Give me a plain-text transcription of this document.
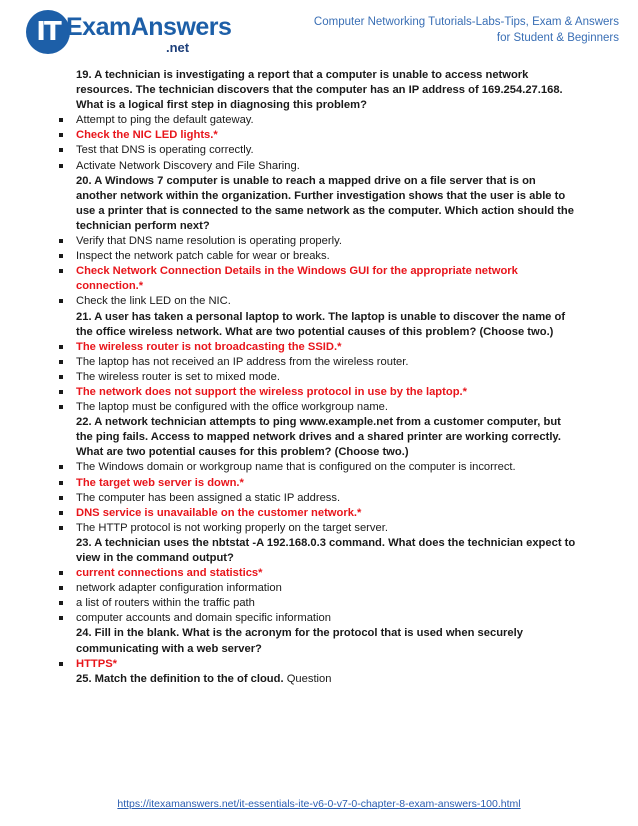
IT ExamAnswers
.net
Computer Networking Tutorials-Labs-Tips, Exam & Answers
for Student & Beginners
19. A technician is investigating a report that a computer is unable to access network resources. The technician discovers that the computer has an IP address of 169.254.27.168. What is a logical first step in diagnosing this problem?
Attempt to ping the default gateway.
Check the NIC LED lights.*
Test that DNS is operating correctly.
Activate Network Discovery and File Sharing.
20. A Windows 7 computer is unable to reach a mapped drive on a file server that is on another network within the organization. Further investigation shows that the user is able to use a printer that is connected to the same network as the computer. Which action should the technician perform next?
Verify that DNS name resolution is operating properly.
Inspect the network patch cable for wear or breaks.
Check Network Connection Details in the Windows GUI for the appropriate network connection.*
Check the link LED on the NIC.
21. A user has taken a personal laptop to work. The laptop is unable to discover the name of the office wireless network. What are two potential causes of this problem? (Choose two.)
The wireless router is not broadcasting the SSID.*
The laptop has not received an IP address from the wireless router.
The wireless router is set to mixed mode.
The network does not support the wireless protocol in use by the laptop.*
The laptop must be configured with the office workgroup name.
22. A network technician attempts to ping www.example.net from a customer computer, but the ping fails. Access to mapped network drives and a shared printer are working correctly. What are two potential causes for this problem? (Choose two.)
The Windows domain or workgroup name that is configured on the computer is incorrect.
The target web server is down.*
The computer has been assigned a static IP address.
DNS service is unavailable on the customer network.*
The HTTP protocol is not working properly on the target server.
23. A technician uses the nbtstat -A 192.168.0.3 command. What does the technician expect to view in the command output?
current connections and statistics*
network adapter configuration information
a list of routers within the traffic path
computer accounts and domain specific information
24. Fill in the blank. What is the acronym for the protocol that is used when securely communicating with a web server?
HTTPS*
25. Match the definition to the of cloud. Question
https://itexamanswers.net/it-essentials-ite-v6-0-v7-0-chapter-8-exam-answers-100.html
